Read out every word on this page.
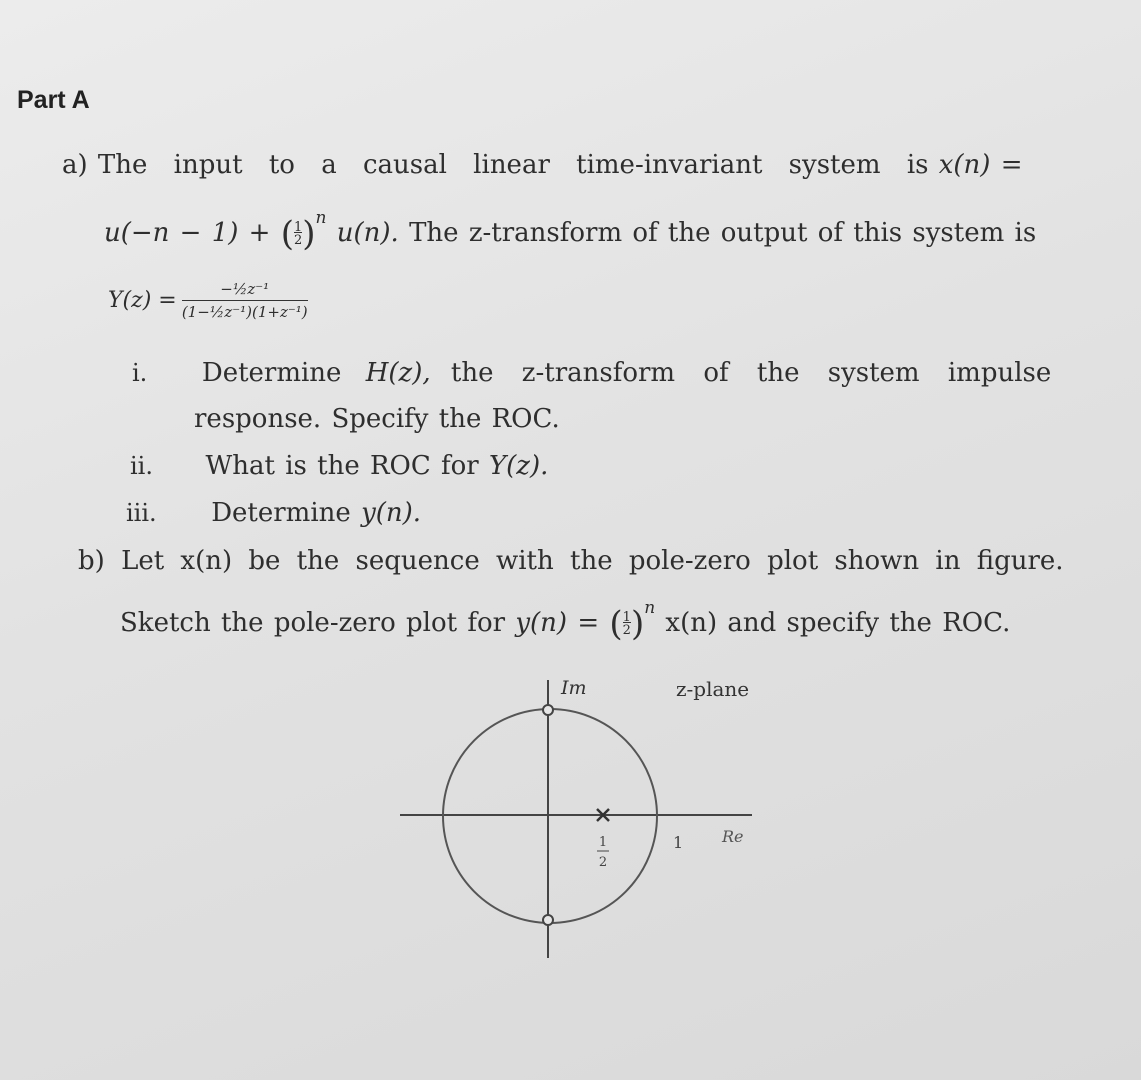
Part A
a) The input to a causal linear time-invariant system is x(n) =
$u(-n - 1) + (\frac{1}{2})^n$ u(n). The z-transform of the output of this system is
$Y(z) = \frac{\text{−½z⁻¹}}{\text{(1−½z⁻¹)(1+z⁻¹)}}$
i. Determine H(z), the z-transform of the system impulse
response. Specify the ROC.
ii. What is the ROC for Y(z).
iii. Determine y(n).
b) Let x(n) be the sequence with the pole-zero plot shown in figure.
Sketch the pole-zero plot for $y(n) = (\frac{1}{2})^n$ x(n) and specify the ROC.
1
2
1 Re
Im	z-plane
